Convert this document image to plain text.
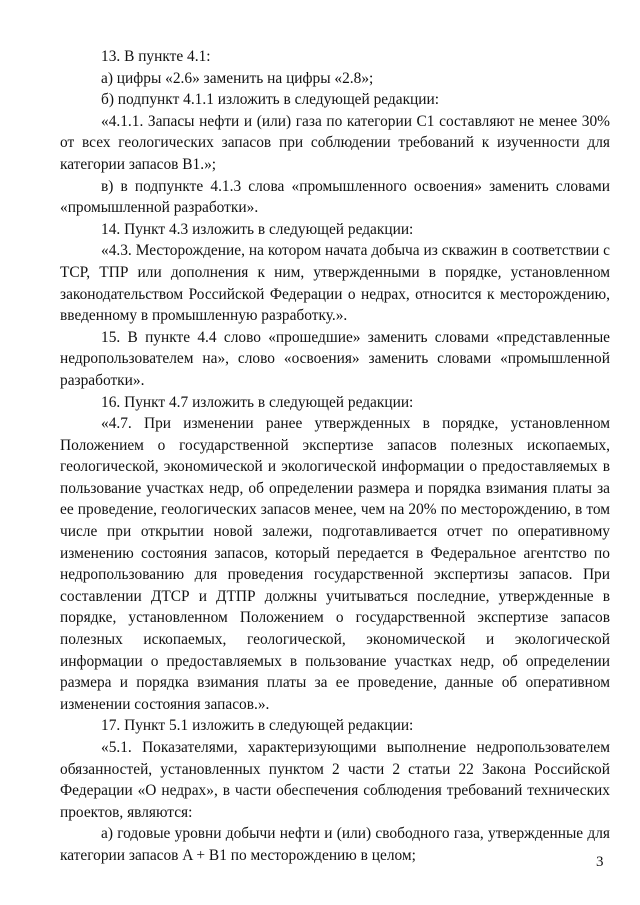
13. В пункте 4.1:

а) цифры «2.6» заменить на цифры «2.8»;

б) подпункт 4.1.1 изложить в следующей редакции:

«4.1.1. Запасы нефти и (или) газа по категории C1 составляют не менее 30% от всех геологических запасов при соблюдении требований к изученности для категории запасов B1.»;

в) в подпункте 4.1.3 слова «промышленного освоения» заменить словами «промышленной разработки».

14. Пункт 4.3 изложить в следующей редакции:

«4.3. Месторождение, на котором начата добыча из скважин в соответствии с ТСР, ТПР или дополнения к ним, утвержденными в порядке, установленном законодательством Российской Федерации о недрах, относится к месторождению, введенному в промышленную разработку.».

15. В пункте 4.4 слово «прошедшие» заменить словами «представленные недропользователем на», слово «освоения» заменить словами «промышленной разработки».

16. Пункт 4.7 изложить в следующей редакции:

«4.7. При изменении ранее утвержденных в порядке, установленном Положением о государственной экспертизе запасов полезных ископаемых, геологической, экономической и экологической информации о предоставляемых в пользование участках недр, об определении размера и порядка взимания платы за ее проведение, геологических запасов менее, чем на 20% по месторождению, в том числе при открытии новой залежи, подготавливается отчет по оперативному изменению состояния запасов, который передается в Федеральное агентство по недропользованию для проведения государственной экспертизы запасов. При составлении ДТСР и ДТПР должны учитываться последние, утвержденные в порядке, установленном Положением о государственной экспертизе запасов полезных ископаемых, геологической, экономической и экологической информации о предоставляемых в пользование участках недр, об определении размера и порядка взимания платы за ее проведение, данные об оперативном изменении состояния запасов.».

17. Пункт 5.1 изложить в следующей редакции:

«5.1. Показателями, характеризующими выполнение недропользователем обязанностей, установленных пунктом 2 части 2 статьи 22 Закона Российской Федерации «О недрах», в части обеспечения соблюдения требований технических проектов, являются:

а) годовые уровни добычи нефти и (или) свободного газа, утвержденные для категории запасов A + B1 по месторождению в целом;	3
